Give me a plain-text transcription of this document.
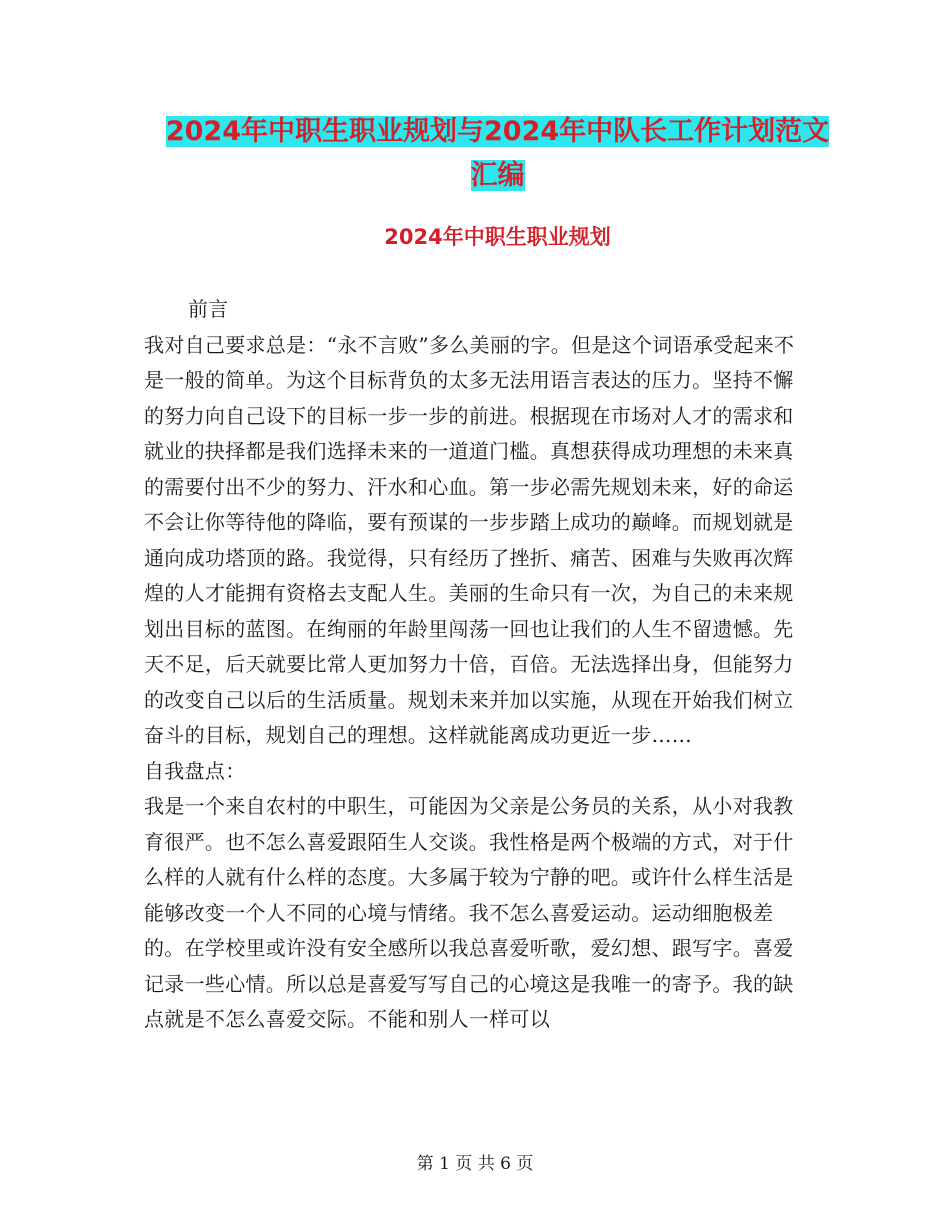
2024年中职生职业规划与2024年中队长工作计划范文
汇编
2024年中职生职业规划

前言

我对自己要求总是：“永不言败”多么美丽的字。但是这个词语承受起来不是一般的简单。为这个目标背负的太多无法用语言表达的压力。坚持不懈的努力向自己设下的目标一步一步的前进。根据现在市场对人才的需求和就业的抉择都是我们选择未来的一道道门槛。真想获得成功理想的未来真的需要付出不少的努力、汗水和心血。第一步必需先规划未来，好的命运不会让你等待他的降临，要有预谋的一步步踏上成功的巅峰。而规划就是通向成功塔顶的路。我觉得，只有经历了挫折、痛苦、困难与失败再次辉煌的人才能拥有资格去支配人生。美丽的生命只有一次，为自己的未来规划出目标的蓝图。在绚丽的年龄里闯荡一回也让我们的人生不留遗憾。先天不足，后天就要比常人更加努力十倍，百倍。无法选择出身，但能努力的改变自己以后的生活质量。规划未来并加以实施，从现在开始我们树立奋斗的目标，规划自己的理想。这样就能离成功更近一步……

自我盘点：

我是一个来自农村的中职生，可能因为父亲是公务员的关系，从小对我教育很严。也不怎么喜爱跟陌生人交谈。我性格是两个极端的方式，对于什么样的人就有什么样的态度。大多属于较为宁静的吧。或许什么样生活是能够改变一个人不同的心境与情绪。我不怎么喜爱运动。运动细胞极差的。在学校里或许没有安全感所以我总喜爱听歌，爱幻想、跟写字。喜爱记录一些心情。所以总是喜爱写写自己的心境这是我唯一的寄予。我的缺点就是不怎么喜爱交际。不能和别人一样可以

第 1 页 共 6 页
